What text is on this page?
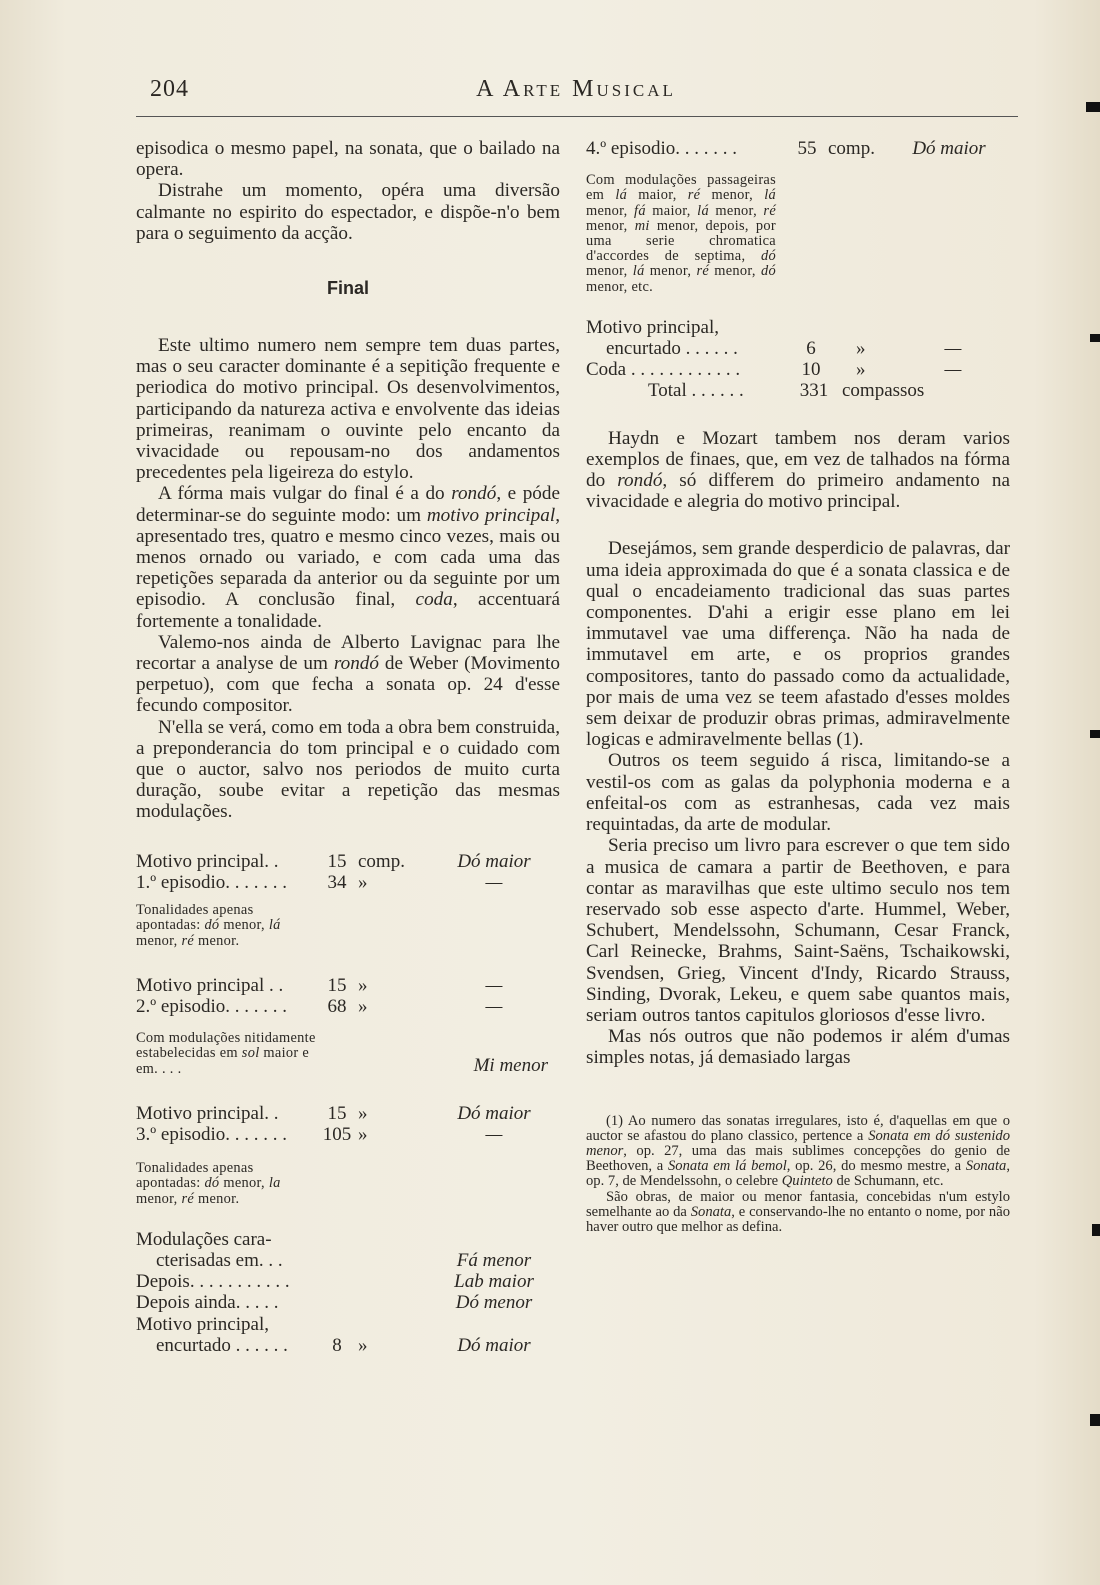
204	A Arte Musical

episodica o mesmo papel, na sonata, que o bailado na opera.

Distrahe um momento, opéra uma diversão calmante no espirito do espectador, e dispõe-n'o bem para o seguimento da acção.

Final

Este ultimo numero nem sempre tem duas partes, mas o seu caracter dominante é a sepitição frequente e periodica do motivo principal. Os desenvolvimentos, participando da natureza activa e envolvente das ideias primeiras, reanimam o ouvinte pelo encanto da vivacidade ou repousam-no dos andamentos precedentes pela ligeireza do estylo.

A fórma mais vulgar do final é a do rondó, e póde determinar-se do seguinte modo: um motivo principal, apresentado tres, quatro e mesmo cinco vezes, mais ou menos ornado ou variado, e com cada uma das repetições separada da anterior ou da seguinte por um episodio. A conclusão final, coda, accentuará fortemente a tonalidade.

Valemo-nos ainda de Alberto Lavignac para lhe recortar a analyse de um rondó de Weber (Movimento perpetuo), com que fecha a sonata op. 24 d'esse fecundo compositor.

N'ella se verá, como em toda a obra bem construida, a preponderancia do tom principal e o cuidado com que o auctor, salvo nos periodos de muito curta duração, soube evitar a repetição das mesmas modulações.

Motivo principal. .	15 comp.	Dó maior
1.º episodio. . . . . . .	34 »	—

Tonalidades apenas apontadas: dó menor, lá menor, ré menor.

Motivo principal . .	15 »	—
2.º episodio. . . . . . .	68 »	—

Com modulações nitidamente estabelecidas em sol maior e em. . . .	Mi menor
Motivo principal. .	15 »	Dó maior
3.º episodio. . . . . . .	105 »	—

Tonalidades apenas apontadas: dó menor, la menor, ré menor.

Modulações cara-
cterisadas em. . .	Fá menor
Depois. . . . . . . . . . .	Lab maior
Depois ainda. . . . .	Dó menor
Motivo principal,
encurtado . . . . . .	8 »	Dó maior
4.º episodio. . . . . . .	55 comp.	Dó maior

Com modulações passageiras em lá maior, ré menor, lá menor, fá maior, lá menor, ré menor, mi menor, depois, por uma serie chromatica d'accordes de septima, dó menor, lá menor, ré menor, dó menor, etc.

Motivo principal,
encurtado . . . . . .	6	»	—
Coda . . . . . . . . . . . .	10	»	—
Total . . . . . .	331 compassos

Haydn e Mozart tambem nos deram varios exemplos de finaes, que, em vez de talhados na fórma do rondó, só differem do primeiro andamento na vivacidade e alegria do motivo principal.

Desejámos, sem grande desperdicio de palavras, dar uma ideia approximada do que é a sonata classica e de qual o encadeiamento tradicional das suas partes componentes. D'ahi a erigir esse plano em lei immutavel vae uma differença. Não ha nada de immutavel em arte, e os proprios grandes compositores, tanto do passado como da actualidade, por mais de uma vez se teem afastado d'esses moldes sem deixar de produzir obras primas, admiravelmente logicas e admiravelmente bellas (1).

Outros os teem seguido á risca, limitando-se a vestil-os com as galas da polyphonia moderna e a enfeital-os com as estranhesas, cada vez mais requintadas, da arte de modular.

Seria preciso um livro para escrever o que tem sido a musica de camara a partir de Beethoven, e para contar as maravilhas que este ultimo seculo nos tem reservado sob esse aspecto d'arte. Hummel, Weber, Schubert, Mendelssohn, Schumann, Cesar Franck, Carl Reinecke, Brahms, Saint-Saëns, Tschaikowski, Svendsen, Grieg, Vincent d'Indy, Ricardo Strauss, Sinding, Dvorak, Lekeu, e quem sabe quantos mais, seriam outros tantos capitulos gloriosos d'esse livro.

Mas nós outros que não podemos ir além d'umas simples notas, já demasiado largas

(1) Ao numero das sonatas irregulares, isto é, d'aquellas em que o auctor se afastou do plano classico, pertence a Sonata em dó sustenido menor, op. 27, uma das mais sublimes concepções do genio de Beethoven, a Sonata em lá bemol, op. 26, do mesmo mestre, a Sonata, op. 7, de Mendelssohn, o celebre Quinteto de Schumann, etc.

São obras, de maior ou menor fantasia, concebidas n'um estylo semelhante ao da Sonata, e conservando-lhe no entanto o nome, por não haver outro que melhor as defina.
